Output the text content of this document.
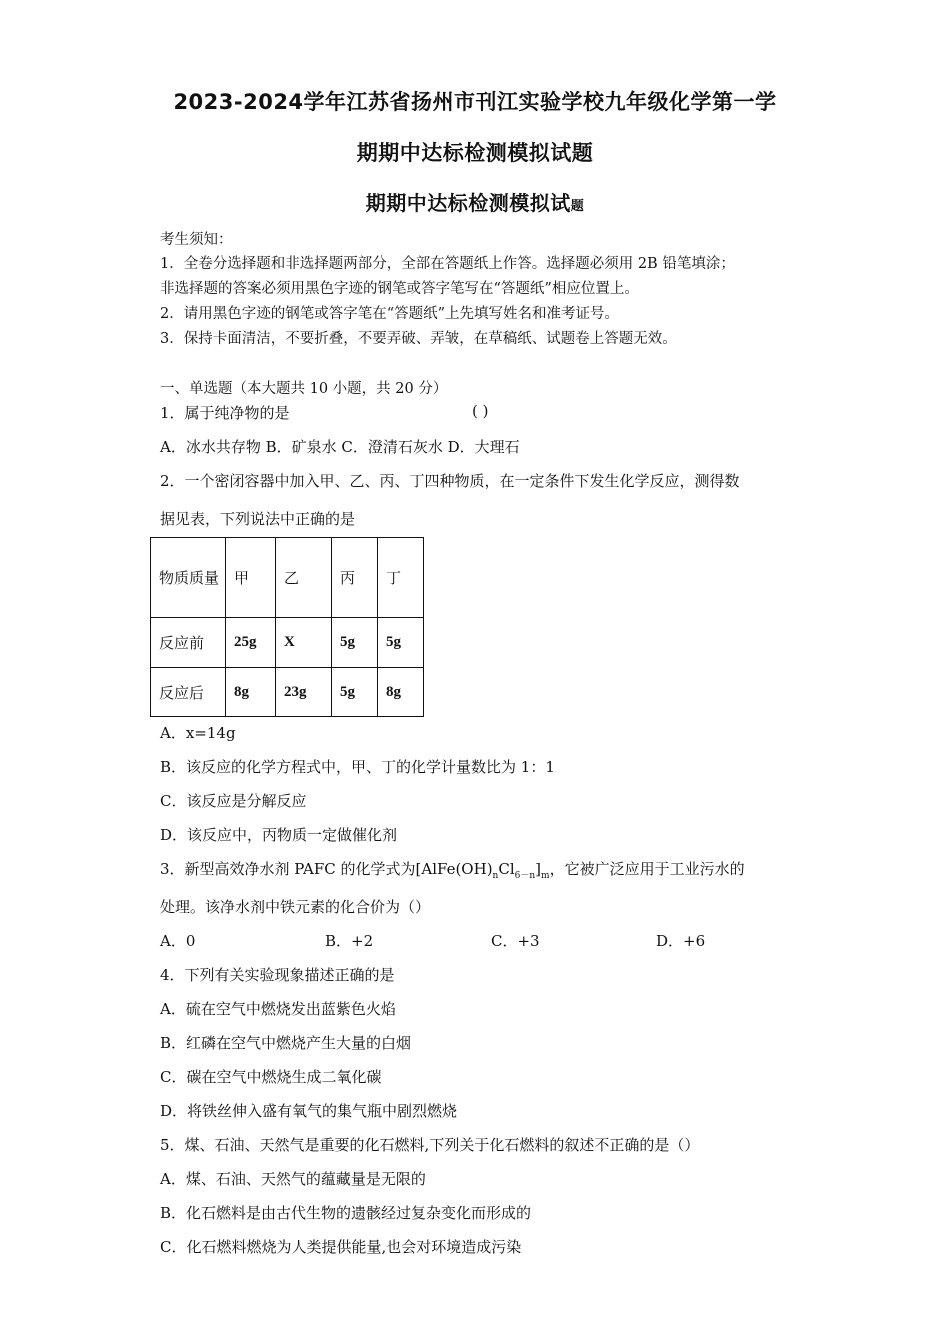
2023-2024学年江苏省扬州市刊江实验学校九年级化学第一学
期期中达标检测模拟试题
期期中达标检测模拟试题
考生须知：
1．全卷分选择题和非选择题两部分，全部在答题纸上作答。选择题必须用 2B 铅笔填涂；
非选择题的答案必须用黑色字迹的钢笔或答字笔写在“答题纸”相应位置上。
2．请用黑色字迹的钢笔或答字笔在“答题纸”上先填写姓名和准考证号。
3．保持卡面清洁，不要折叠，不要弄破、弄皱，在草稿纸、试题卷上答题无效。
一、单选题（本大题共 10 小题，共 20 分）
1．属于纯净物的是	( )
A．冰水共存物 B．矿泉水 C．澄清石灰水 D．大理石
2．一个密闭容器中加入甲、乙、丙、丁四种物质，在一定条件下发生化学反应，测得数
据见表，下列说法中正确的是
物质质量	甲	乙	丙	丁
反应前	25g	X	5g	5g
反应后	8g	23g	5g	8g
A．x=14g
B．该反应的化学方程式中，甲、丁的化学计量数比为 1：1
C．该反应是分解反应
D．该反应中，丙物质一定做催化剂
3．新型高效净水剂 PAFC 的化学式为$[AlFe(OH)_nCl_{6-n}]_m$，它被广泛应用于工业污水的
处理。该净水剂中铁元素的化合价为（）
A．0	B．+2	C．+3	D．+6
4．下列有关实验现象描述正确的是
A．硫在空气中燃烧发出蓝紫色火焰
B．红磷在空气中燃烧产生大量的白烟
C．碳在空气中燃烧生成二氧化碳
D．将铁丝伸入盛有氧气的集气瓶中剧烈燃烧
5．煤、石油、天然气是重要的化石燃料,下列关于化石燃料的叙述不正确的是（）
A．煤、石油、天然气的蕴藏量是无限的
B．化石燃料是由古代生物的遗骸经过复杂变化而形成的
C．化石燃料燃烧为人类提供能量,也会对环境造成污染
